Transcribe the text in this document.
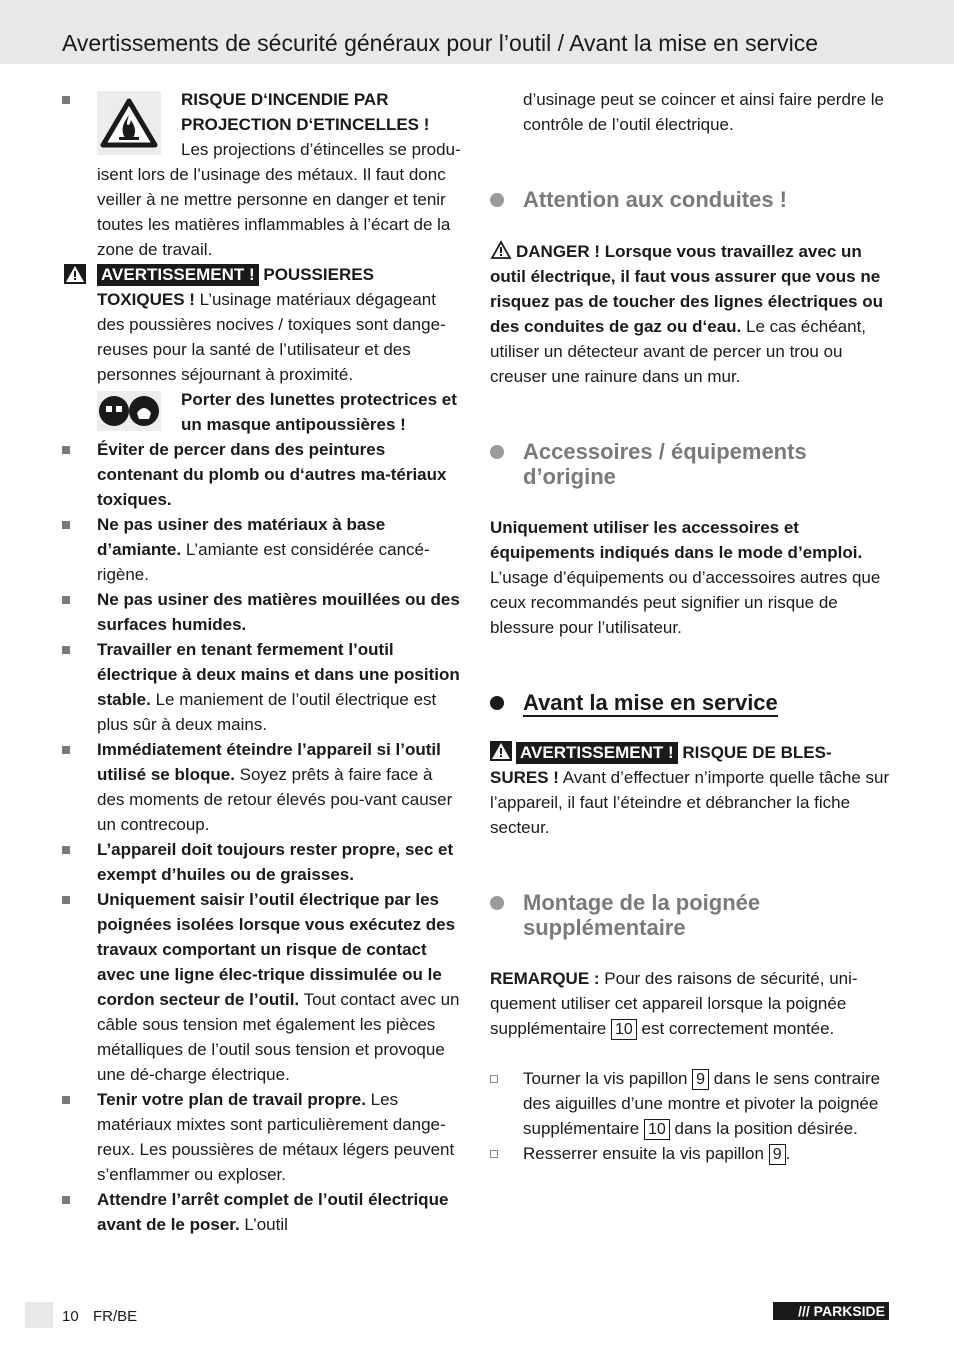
Avertissements de sécurité généraux pour l’outil / Avant la mise en service
RISQUE D‘INCENDIE PAR PROJECTION D‘ETINCELLES !
Les projections d’étincelles se produ-
isent lors de l’usinage des métaux. Il faut donc veiller à ne mettre personne en danger et tenir toutes les matières inflammables à l’écart de la zone de travail.
AVERTISSEMENT ! POUSSIERES
TOXIQUES ! L’usinage matériaux dégageant des poussières nocives / toxiques sont dange-reuses pour la santé de l’utilisateur et des personnes séjournant à proximité.
Porter des lunettes protectrices et un masque antipoussières !
Éviter de percer dans des peintures contenant du plomb ou d‘autres ma-tériaux toxiques.
Ne pas usiner des matériaux à base d’amiante. L’amiante est considérée cancé-rigène.
Ne pas usiner des matières mouillées ou des surfaces humides.
Travailler en tenant fermement l’outil électrique à deux mains et dans une position stable. Le maniement de l’outil électrique est plus sûr à deux mains.
Immédiatement éteindre l’appareil si l’outil utilisé se bloque. Soyez prêts à faire face à des moments de retour élevés pou-vant causer un contrecoup.
L’appareil doit toujours rester propre, sec et exempt d’huiles ou de graisses.
Uniquement saisir l’outil électrique par les poignées isolées lorsque vous exécutez des travaux comportant un risque de contact avec une ligne élec-trique dissimulée ou le cordon secteur de l’outil. Tout contact avec un câble sous tension met également les pièces métalliques de l’outil sous tension et provoque une dé-charge électrique.
Tenir votre plan de travail propre. Les matériaux mixtes sont particulièrement dange-reux. Les poussières de métaux légers peuvent s’enflammer ou exploser.
Attendre l’arrêt complet de l’outil électrique avant de le poser. L’outil
d’usinage peut se coincer et ainsi faire perdre le contrôle de l’outil électrique.
Attention aux conduites !
DANGER ! Lorsque vous travaillez avec un outil électrique, il faut vous assurer que vous ne risquez pas de toucher des lignes électriques ou des conduites de gaz ou d‘eau. Le cas échéant, utiliser un détecteur avant de percer un trou ou creuser une rainure dans un mur.
Accessoires / équipements
d’origine
Uniquement utiliser les accessoires et équipements indiqués dans le mode d’emploi. L’usage d’équipements ou d’accessoires autres que ceux recommandés peut signifier un risque de blessure pour l’utilisateur.
Avant la mise en service
AVERTISSEMENT ! RISQUE DE BLES- SURES ! Avant d’effectuer n’importe quelle tâche sur l’appareil, il faut l’éteindre et débrancher la fiche secteur.
Montage de la poignée
supplémentaire
REMARQUE : Pour des raisons de sécurité, uni-quement utiliser cet appareil lorsque la poignée supplémentaire 10 est correctement montée.
Tourner la vis papillon 9 dans le sens contraire des aiguilles d’une montre et pivoter la poignée supplémentaire 10 dans la position désirée.
Resserrer ensuite la vis papillon 9 .
10 FR/BE	/// PARKSIDE
